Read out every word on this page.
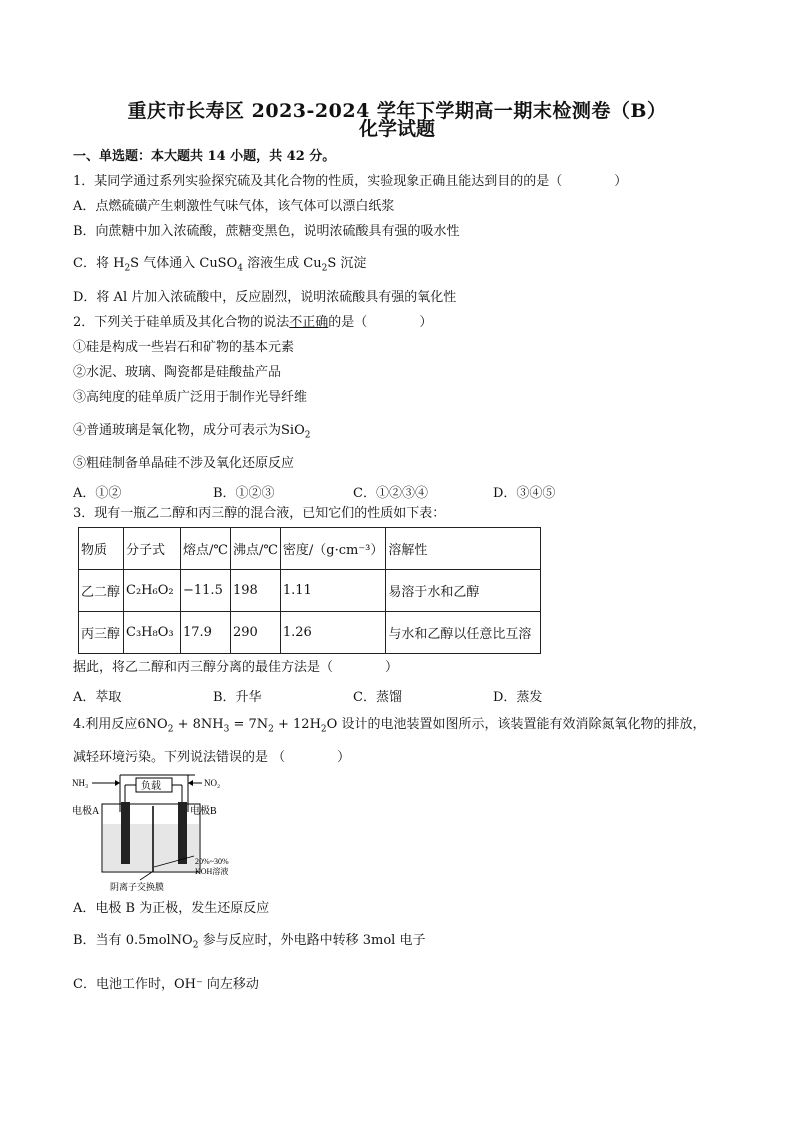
重庆市长寿区 2023-2024 学年下学期高一期末检测卷（B）
化学试题
一、单选题：本大题共 14 小题，共 42 分。
1．某同学通过系列实验探究硫及其化合物的性质，实验现象正确且能达到目的的是（	）
A．点燃硫磺产生刺激性气味气体，该气体可以漂白纸浆
B．向蔗糖中加入浓硫酸，蔗糖变黑色，说明浓硫酸具有强的吸水性
C．将 $H_2S$ 气体通入 CuSO$_4$ 溶液生成 $Cu_2S$ 沉淀
D．将 Al 片加入浓硫酸中，反应剧烈，说明浓硫酸具有强的氧化性
2．下列关于硅单质及其化合物的说法不正确的是（	）
①硅是构成一些岩石和矿物的基本元素
②水泥、玻璃、陶瓷都是硅酸盐产品
③高纯度的硅单质广泛用于制作光导纤维
④普通玻璃是氧化物，成分可表示为SiO$_2$
⑤粗硅制备单晶硅不涉及氧化还原反应
A．①②	B．①②③	C．①②③④	D．③④⑤
3．现有一瓶乙二醇和丙三醇的混合液，已知它们的性质如下表：
物质	分子式	熔点/℃	沸点/℃	密度/（g·cm⁻³）	溶解性
乙二醇	C₂H₆O₂	−11.5	198	1.11	易溶于水和乙醇
丙三醇	C₃H₈O₃	17.9	290	1.26	与水和乙醇以任意比互溶
据此，将乙二醇和丙三醇分离的最佳方法是（	）
A．萃取	B．升华	C．蒸馏	D．蒸发
4.利用反应$6NO_2 + 8NH_3 = 7N_2 + 12H_2O$ 设计的电池装置如图所示，该装置能有效消除氮氧化物的排放，
减轻环境污染。下列说法错误的是 （	）
NH₃	负载	NO₂
电极A	电极B
20%~30%
KOH溶液
阴离子交换膜
A．电极 B 为正极，发生还原反应
B．当有 0.5molNO$_2$ 参与反应时，外电路中转移 3mol 电子
C．电池工作时，OH⁻ 向左移动
